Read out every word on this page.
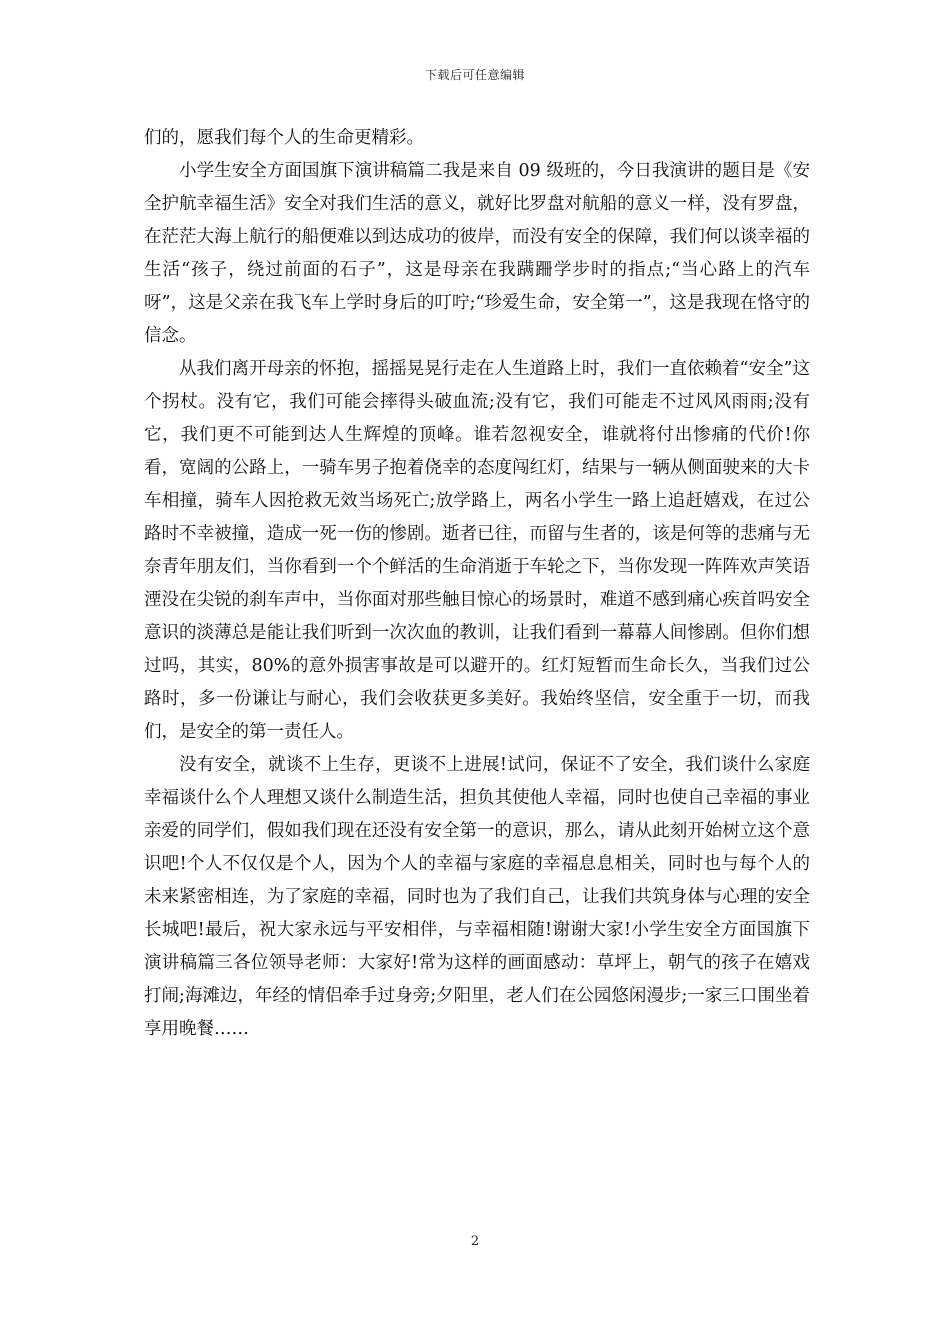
下载后可任意编辑

们的，愿我们每个人的生命更精彩。

小学生安全方面国旗下演讲稿篇二我是来自 09 级班的，今日我演讲的题目是《安全护航幸福生活》安全对我们生活的意义，就好比罗盘对航船的意义一样，没有罗盘，在茫茫大海上航行的船便难以到达成功的彼岸，而没有安全的保障，我们何以谈幸福的生活“孩子，绕过前面的石子”，这是母亲在我蹒跚学步时的指点;“当心路上的汽车呀”，这是父亲在我飞车上学时身后的叮咛;“珍爱生命，安全第一”，这是我现在恪守的信念。

从我们离开母亲的怀抱，摇摇晃晃行走在人生道路上时，我们一直依赖着“安全”这个拐杖。没有它，我们可能会摔得头破血流;没有它，我们可能走不过风风雨雨;没有它，我们更不可能到达人生辉煌的顶峰。谁若忽视安全，谁就将付出惨痛的代价!你看，宽阔的公路上，一骑车男子抱着侥幸的态度闯红灯，结果与一辆从侧面驶来的大卡车相撞，骑车人因抢救无效当场死亡;放学路上，两名小学生一路上追赶嬉戏，在过公路时不幸被撞，造成一死一伤的惨剧。逝者已往，而留与生者的，该是何等的悲痛与无奈青年朋友们，当你看到一个个鲜活的生命消逝于车轮之下，当你发现一阵阵欢声笑语湮没在尖锐的刹车声中，当你面对那些触目惊心的场景时，难道不感到痛心疾首吗安全意识的淡薄总是能让我们听到一次次血的教训，让我们看到一幕幕人间惨剧。但你们想过吗，其实，80%的意外损害事故是可以避开的。红灯短暂而生命长久，当我们过公路时，多一份谦让与耐心，我们会收获更多美好。我始终坚信，安全重于一切，而我们，是安全的第一责任人。

没有安全，就谈不上生存，更谈不上进展!试问，保证不了安全，我们谈什么家庭幸福谈什么个人理想又谈什么制造生活，担负其使他人幸福，同时也使自己幸福的事业亲爱的同学们，假如我们现在还没有安全第一的意识，那么，请从此刻开始树立这个意识吧!个人不仅仅是个人，因为个人的幸福与家庭的幸福息息相关，同时也与每个人的未来紧密相连，为了家庭的幸福，同时也为了我们自己，让我们共筑身体与心理的安全长城吧!最后，祝大家永远与平安相伴，与幸福相随!谢谢大家!小学生安全方面国旗下演讲稿篇三各位领导老师：大家好!常为这样的画面感动：草坪上，朝气的孩子在嬉戏打闹;海滩边，年经的情侣牵手过身旁;夕阳里，老人们在公园悠闲漫步;一家三口围坐着享用晚餐……

2
